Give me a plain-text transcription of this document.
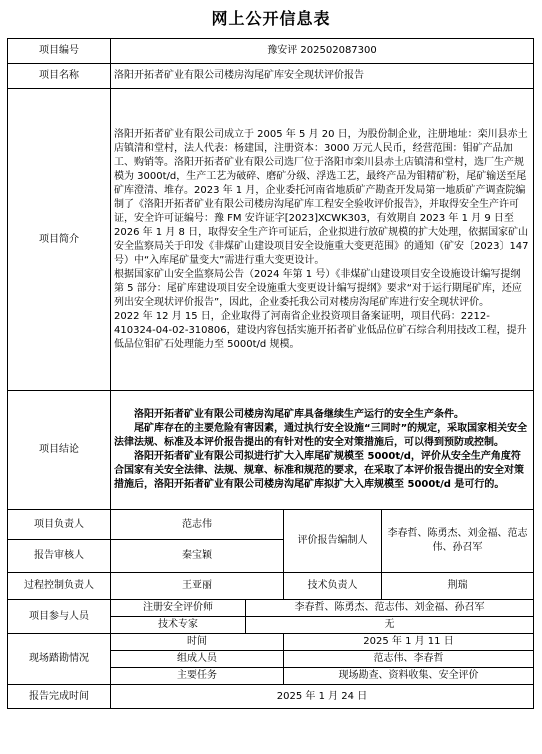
网上公开信息表
项目编号	豫安评 202502087300			
项目名称	洛阳开拓者矿业有限公司楼房沟尾矿库安全现状评价报告			
项目简介	洛阳开拓者矿业有限公司成立于 2005 年 5 月 20 日，为股份制企业，注册地址：栾川县赤土店镇清和堂村，法人代表：杨建国，注册资本：3000 万元人民币，经营范围：钼矿产品加工、购销等。洛阳开拓者矿业有限公司选厂位于洛阳市栾川县赤土店镇清和堂村，选厂生产规模为 3000t/d，生产工艺为破碎、磨矿分级、浮选工艺，最终产品为钼精矿粉，尾矿输送至尾矿库澄清、堆存。2023 年 1 月，企业委托河南省地质矿产勘查开发局第一地质矿产调查院编制了《洛阳开拓者矿业有限公司楼房沟尾矿库工程安全验收评价报告》，并取得安全生产许可证，安全许可证编号：豫 FM 安许证字[2023]XCWK303，有效期自 2023 年 1 月 9 日至 2026 年 1 月 8 日，取得安全生产许可证后，企业拟进行放矿规模的扩大处理，依据国家矿山安全监察局关于印发《非煤矿山建设项目安全设施重大变更范围》的通知（矿安〔2023〕147 号）中“入库尾矿量变大”需进行重大变更设计。

根据国家矿山安全监察局公告（2024 年第 1 号）《非煤矿山建设项目安全设施设计编写提纲第 5 部分：尾矿库建设项目安全设施重大变更设计编写提纲》要求“对于运行期尾矿库，还应列出安全现状评价报告”，因此，企业委托我公司对楼房沟尾矿库进行安全现状评价。

2022 年 12 月 15 日，企业取得了河南省企业投资项目备案证明，项目代码：2212-410324-04-02-310806，建设内容包括实施开拓者矿业低品位矿石综合利用技改工程，提升低品位钼矿石处理能力至 5000t/d 规模。			

项目结论	洛阳开拓者矿业有限公司楼房沟尾矿库具备继续生产运行的安全生产条件。

尾矿库存在的主要危险有害因素，通过执行安全设施“三同时”的规定，采取国家相关安全法律法规、标准及本评价报告提出的有针对性的安全对策措施后，可以得到预防或控制。

洛阳开拓者矿业有限公司拟进行扩大入库尾矿规模至 5000t/d，评价从安全生产角度符合国家有关安全法律、法规、规章、标准和规范的要求，在采取了本评价报告提出的安全对策措施后，洛阳开拓者矿业有限公司楼房沟尾矿库拟扩大入库规模至 5000t/d 是可行的。			

项目负责人	范志伟		评价报告编制人	李春哲、陈勇杰、刘金福、范志伟、孙召军
报告审核人	秦宝颖			
过程控制负责人	王亚丽		技术负责人	荆瑞
项目参与人员	注册安全评价师	李春哲、陈勇杰、范志伟、刘金福、孙召军		
	技术专家	无		
现场踏勘情况	时间		2025 年 1 月 11 日	
	组成人员		范志伟、李春哲	
	主要任务		现场勘查、资料收集、安全评价	
报告完成时间	2025 年 1 月 24 日			
